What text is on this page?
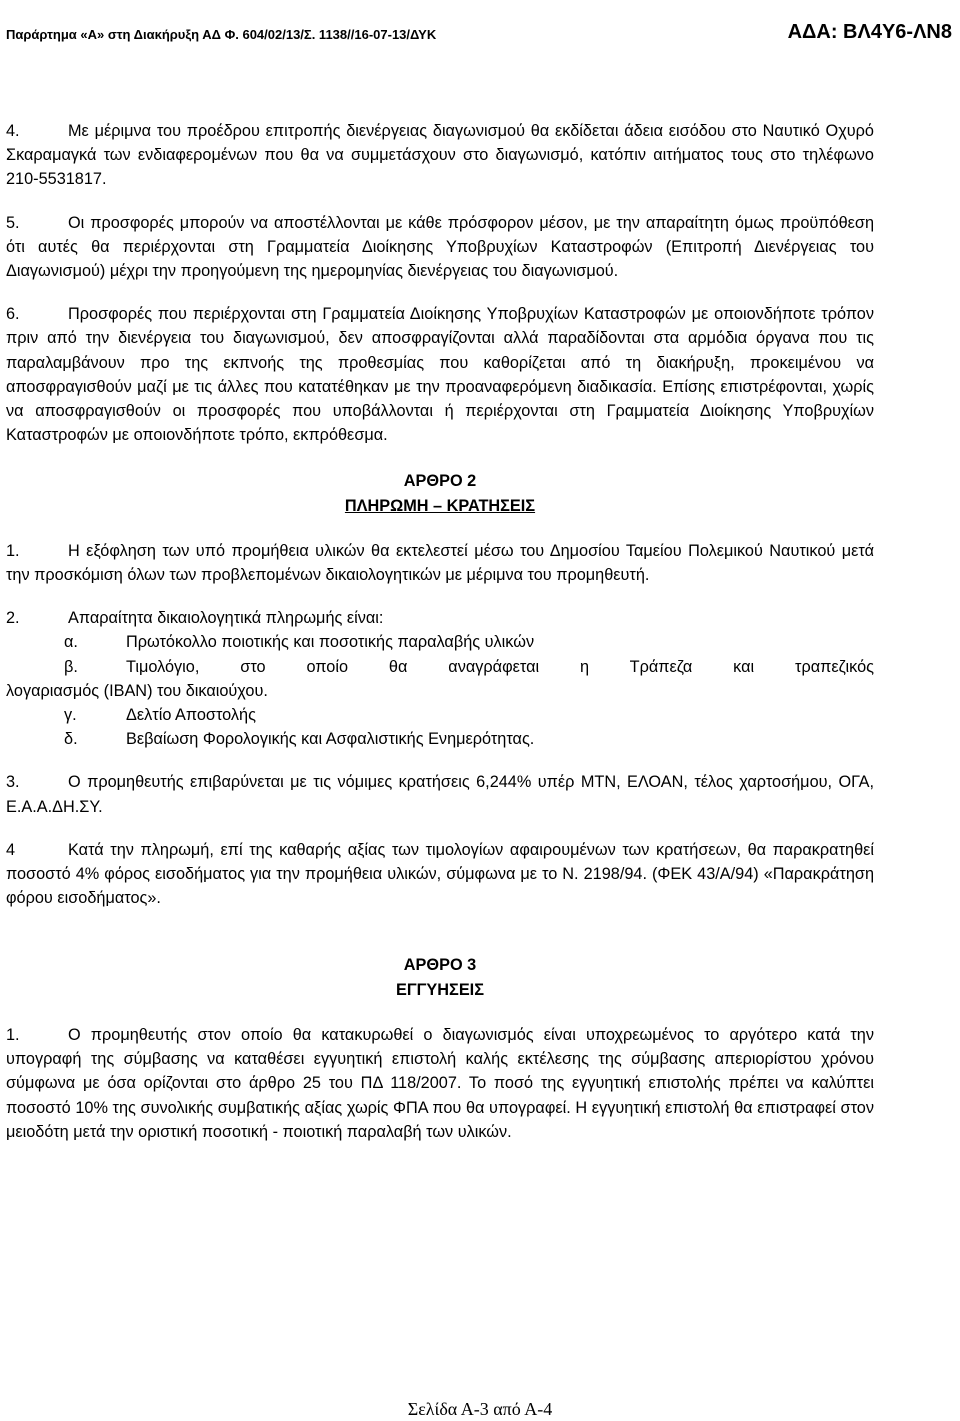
Παράρτημα «Α» στη Διακήρυξη ΑΔ Φ. 604/02/13/Σ. 1138//16-07-13/ΔΥΚ	ΑΔΑ: ΒΛ4Υ6-ΛΝ8

4.	Με μέριμνα του προέδρου επιτροπής διενέργειας διαγωνισμού θα εκδίδεται άδεια εισόδου στο Ναυτικό Οχυρό Σκαραμαγκά των ενδιαφερομένων που θα να συμμετάσχουν στο διαγωνισμό, κατόπιν αιτήματος τους στο τηλέφωνο 210-5531817.

5.	Οι προσφορές μπορούν να αποστέλλονται με κάθε πρόσφορον μέσον, με την απαραίτητη όμως προϋπόθεση ότι αυτές θα περιέρχονται στη Γραμματεία Διοίκησης Υποβρυχίων Καταστροφών (Επιτροπή Διενέργειας του Διαγωνισμού) μέχρι την προηγούμενη της ημερομηνίας διενέργειας του διαγωνισμού.

6.	Προσφορές που περιέρχονται στη Γραμματεία Διοίκησης Υποβρυχίων Καταστροφών με οποιονδήποτε τρόπον πριν από την διενέργεια του διαγωνισμού, δεν αποσφραγίζονται αλλά παραδίδονται στα αρμόδια όργανα που τις παραλαμβάνουν προ της εκπνοής της προθεσμίας που καθορίζεται από τη διακήρυξη, προκειμένου να αποσφραγισθούν μαζί με τις άλλες που κατατέθηκαν με την προαναφερόμενη διαδικασία. Επίσης επιστρέφονται, χωρίς να αποσφραγισθούν οι προσφορές που υποβάλλονται ή περιέρχονται στη Γραμματεία Διοίκησης Υποβρυχίων Καταστροφών με οποιονδήποτε τρόπο, εκπρόθεσμα.

ΑΡΘΡΟ 2
ΠΛΗΡΩΜΗ – ΚΡΑΤΗΣΕΙΣ

1.	Η εξόφληση των υπό προμήθεια υλικών θα εκτελεστεί μέσω του Δημοσίου Ταμείου Πολεμικού Ναυτικού μετά την προσκόμιση όλων των προβλεπομένων δικαιολογητικών με μέριμνα του προμηθευτή.

2.	Απαραίτητα δικαιολογητικά πληρωμής είναι:
α.	Πρωτόκολλο ποιοτικής και ποσοτικής παραλαβής υλικών
β.	Τιμολόγιο, στο οποίο θα αναγράφεται η Τράπεζα και τραπεζικός
λογαριασμός (IBAN) του δικαιούχου.
γ.	Δελτίο Αποστολής
δ.	Βεβαίωση Φορολογικής και Ασφαλιστικής Ενημερότητας.

3.	Ο προμηθευτής επιβαρύνεται με τις νόμιμες κρατήσεις 6,244% υπέρ ΜΤΝ, ΕΛΟΑΝ, τέλος χαρτοσήμου, ΟΓΑ, Ε.Α.Α.ΔΗ.ΣΥ.

4	Κατά την πληρωμή, επί της καθαρής αξίας των τιμολογίων αφαιρουμένων των κρατήσεων, θα παρακρατηθεί ποσοστό 4% φόρος εισοδήματος για την προμήθεια υλικών, σύμφωνα με το Ν. 2198/94. (ΦΕΚ 43/Α/94) «Παρακράτηση φόρου εισοδήματος».

ΑΡΘΡΟ 3
ΕΓΓΥΗΣΕΙΣ

1.	Ο προμηθευτής στον οποίο θα κατακυρωθεί ο διαγωνισμός είναι υποχρεωμένος το αργότερο κατά την υπογραφή της σύμβασης να καταθέσει εγγυητική επιστολή καλής εκτέλεσης της σύμβασης απεριορίστου χρόνου σύμφωνα με όσα ορίζονται στο άρθρο 25 του ΠΔ 118/2007. Το ποσό της εγγυητική επιστολής πρέπει να καλύπτει ποσοστό 10% της συνολικής συμβατικής αξίας χωρίς ΦΠΑ που θα υπογραφεί. Η εγγυητική επιστολή θα επιστραφεί στον μειοδότη μετά την οριστική ποσοτική - ποιοτική παραλαβή των υλικών.

Σελίδα Α-3 από Α-4
